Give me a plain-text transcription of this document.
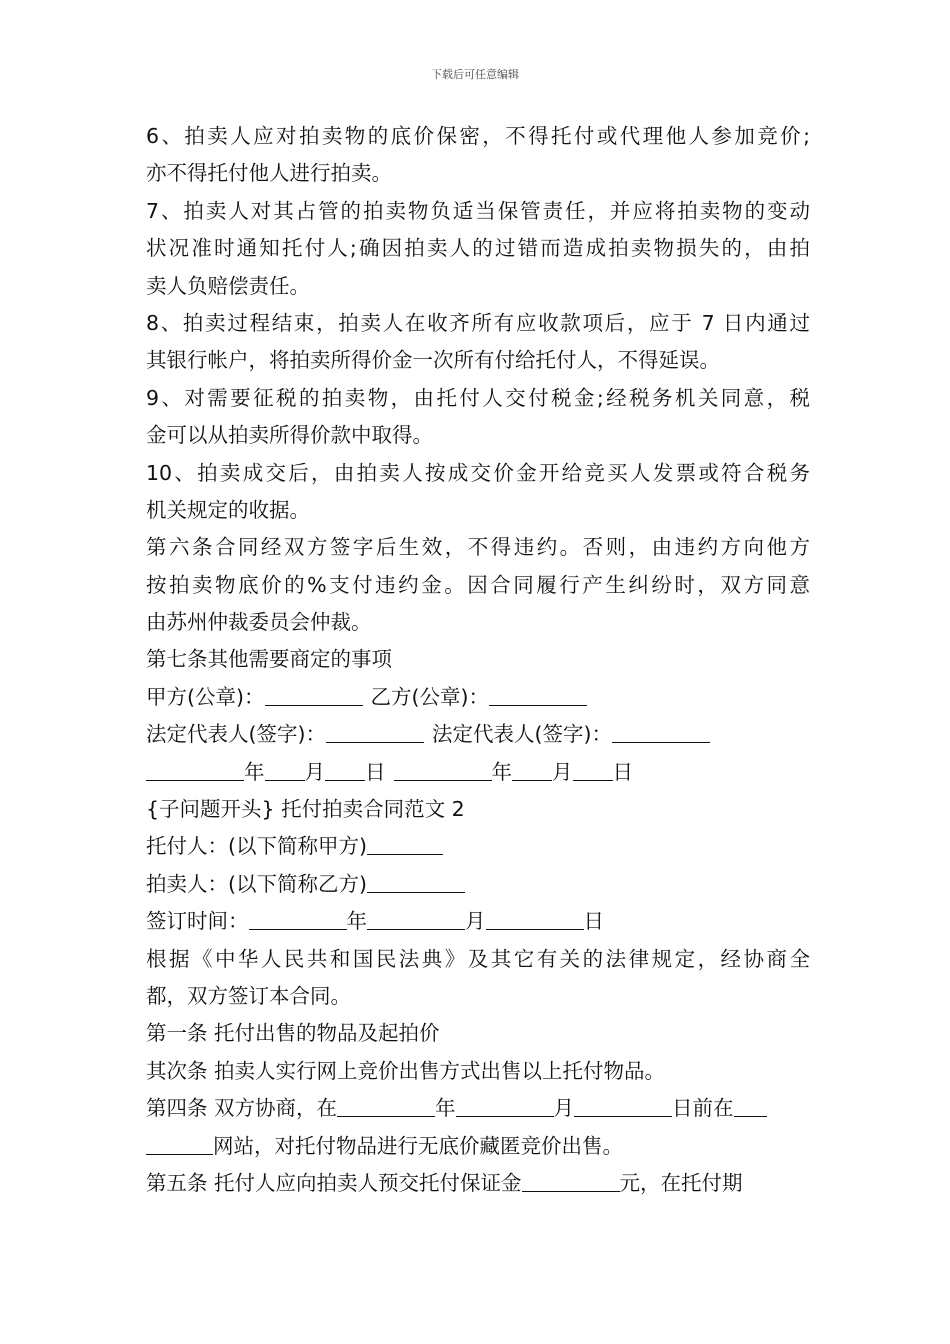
下载后可任意编辑
6、拍卖人应对拍卖物的底价保密，不得托付或代理他人参加竞价;
亦不得托付他人进行拍卖。
7、拍卖人对其占管的拍卖物负适当保管责任，并应将拍卖物的变动
状况准时通知托付人;确因拍卖人的过错而造成拍卖物损失的，由拍
卖人负赔偿责任。
8、拍卖过程结束，拍卖人在收齐所有应收款项后，应于 7 日内通过
其银行帐户，将拍卖所得价金一次所有付给托付人，不得延误。
9、对需要征税的拍卖物，由托付人交付税金;经税务机关同意，税
金可以从拍卖所得价款中取得。
10、拍卖成交后，由拍卖人按成交价金开给竞买人发票或符合税务
机关规定的收据。
第六条合同经双方签字后生效，不得违约。否则，由违约方向他方
按拍卖物底价的%支付违约金。因合同履行产生纠纷时，双方同意
由苏州仲裁委员会仲裁。
第七条其他需要商定的事项
甲方(公章)：	乙方(公章)：
法定代表人(签字)：	法定代表人(签字)：
年 月 日	年 月 日
{子问题开头} 托付拍卖合同范文 2
托付人：(以下简称甲方)
拍卖人：(以下简称乙方)
签订时间：	年	月	日
根据《中华人民共和国民法典》及其它有关的法律规定，经协商全
都，双方签订本合同。
第一条 托付出售的物品及起拍价
其次条 拍卖人实行网上竞价出售方式出售以上托付物品。
第四条 双方协商，在	年	月	日前在
网站，对托付物品进行无底价藏匿竞价出售。
第五条 托付人应向拍卖人预交托付保证金	元，在托付期
